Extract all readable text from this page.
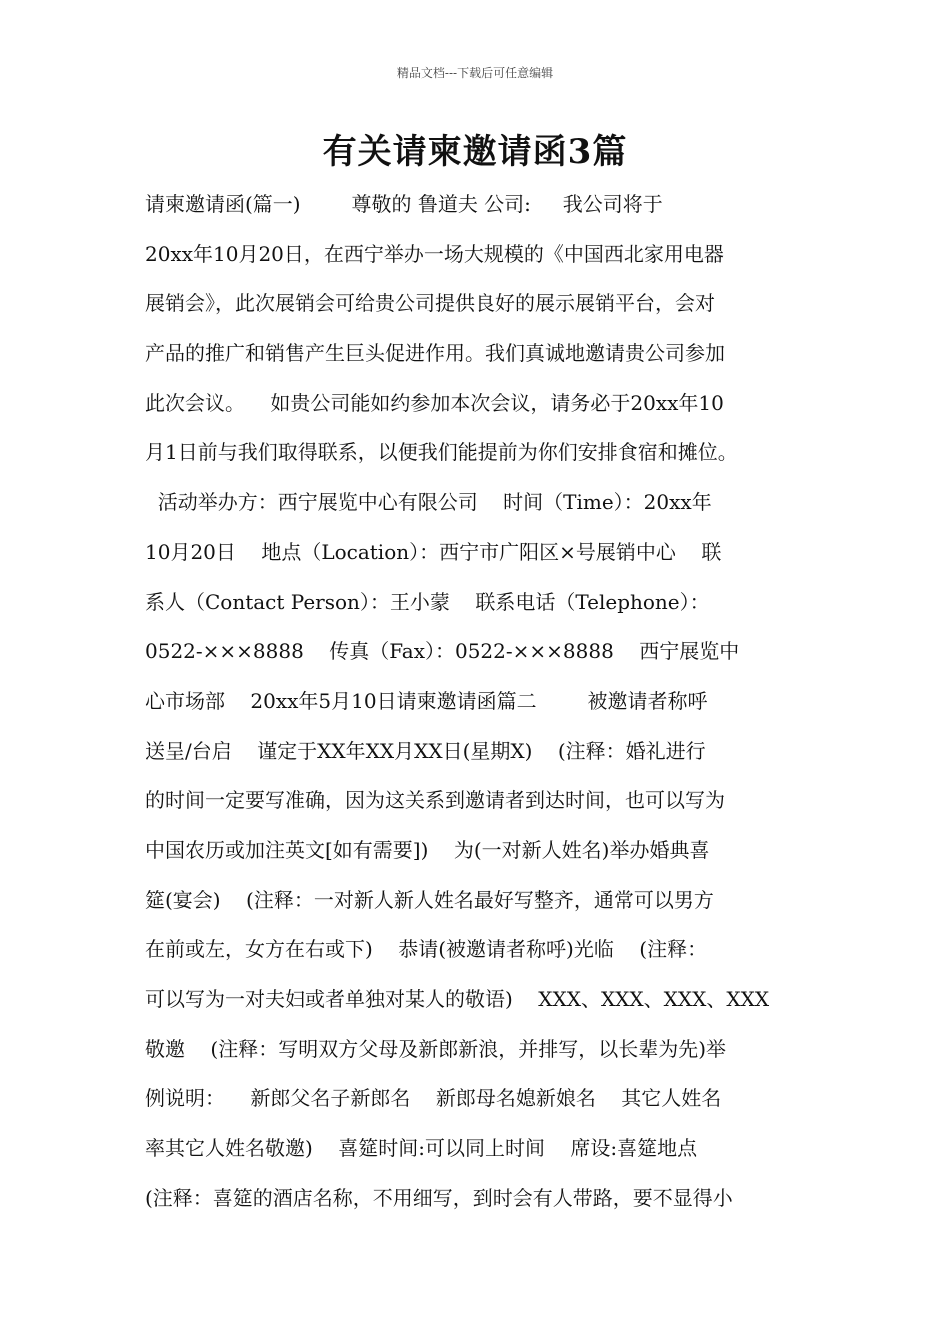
精品文档---下载后可任意编辑
有关请柬邀请函3篇
请柬邀请函(篇一)        尊敬的 鲁道夫 公司:     我公司将于
20xx年10月20日，在西宁举办一场大规模的《中国西北家用电器
展销会》，此次展销会可给贵公司提供良好的展示展销平台，会对
产品的推广和销售产生巨头促进作用。我们真诚地邀请贵公司参加
此次会议。    如贵公司能如约参加本次会议，请务必于20xx年10
月1日前与我们取得联系，以便我们能提前为你们安排食宿和摊位。
活动举办方：西宁展览中心有限公司    时间（Time）：20xx年
10月20日    地点（Location）：西宁市广阳区×号展销中心    联
系人（Contact Person）：王小蒙    联系电话（Telephone）：
0522-×××8888    传真（Fax）：0522-×××8888    西宁展览中
心市场部    20xx年5月10日请柬邀请函篇二        被邀请者称呼
送呈/台启    谨定于XX年XX月XX日(星期X)    (注释：婚礼进行
的时间一定要写准确，因为这关系到邀请者到达时间，也可以写为
中国农历或加注英文[如有需要])    为(一对新人姓名)举办婚典喜
筵(宴会)    (注释：一对新人新人姓名最好写整齐，通常可以男方
在前或左，女方在右或下)    恭请(被邀请者称呼)光临    (注释：
可以写为一对夫妇或者单独对某人的敬语)    XXX、XXX、XXX、XXX
敬邀    (注释：写明双方父母及新郎新浪，并排写，以长辈为先)举
例说明：    新郎父名子新郎名    新郎母名媳新娘名    其它人姓名
率其它人姓名敬邀)    喜筵时间:可以同上时间    席设:喜筵地点
(注释：喜筵的酒店名称，不用细写，到时会有人带路，要不显得小
